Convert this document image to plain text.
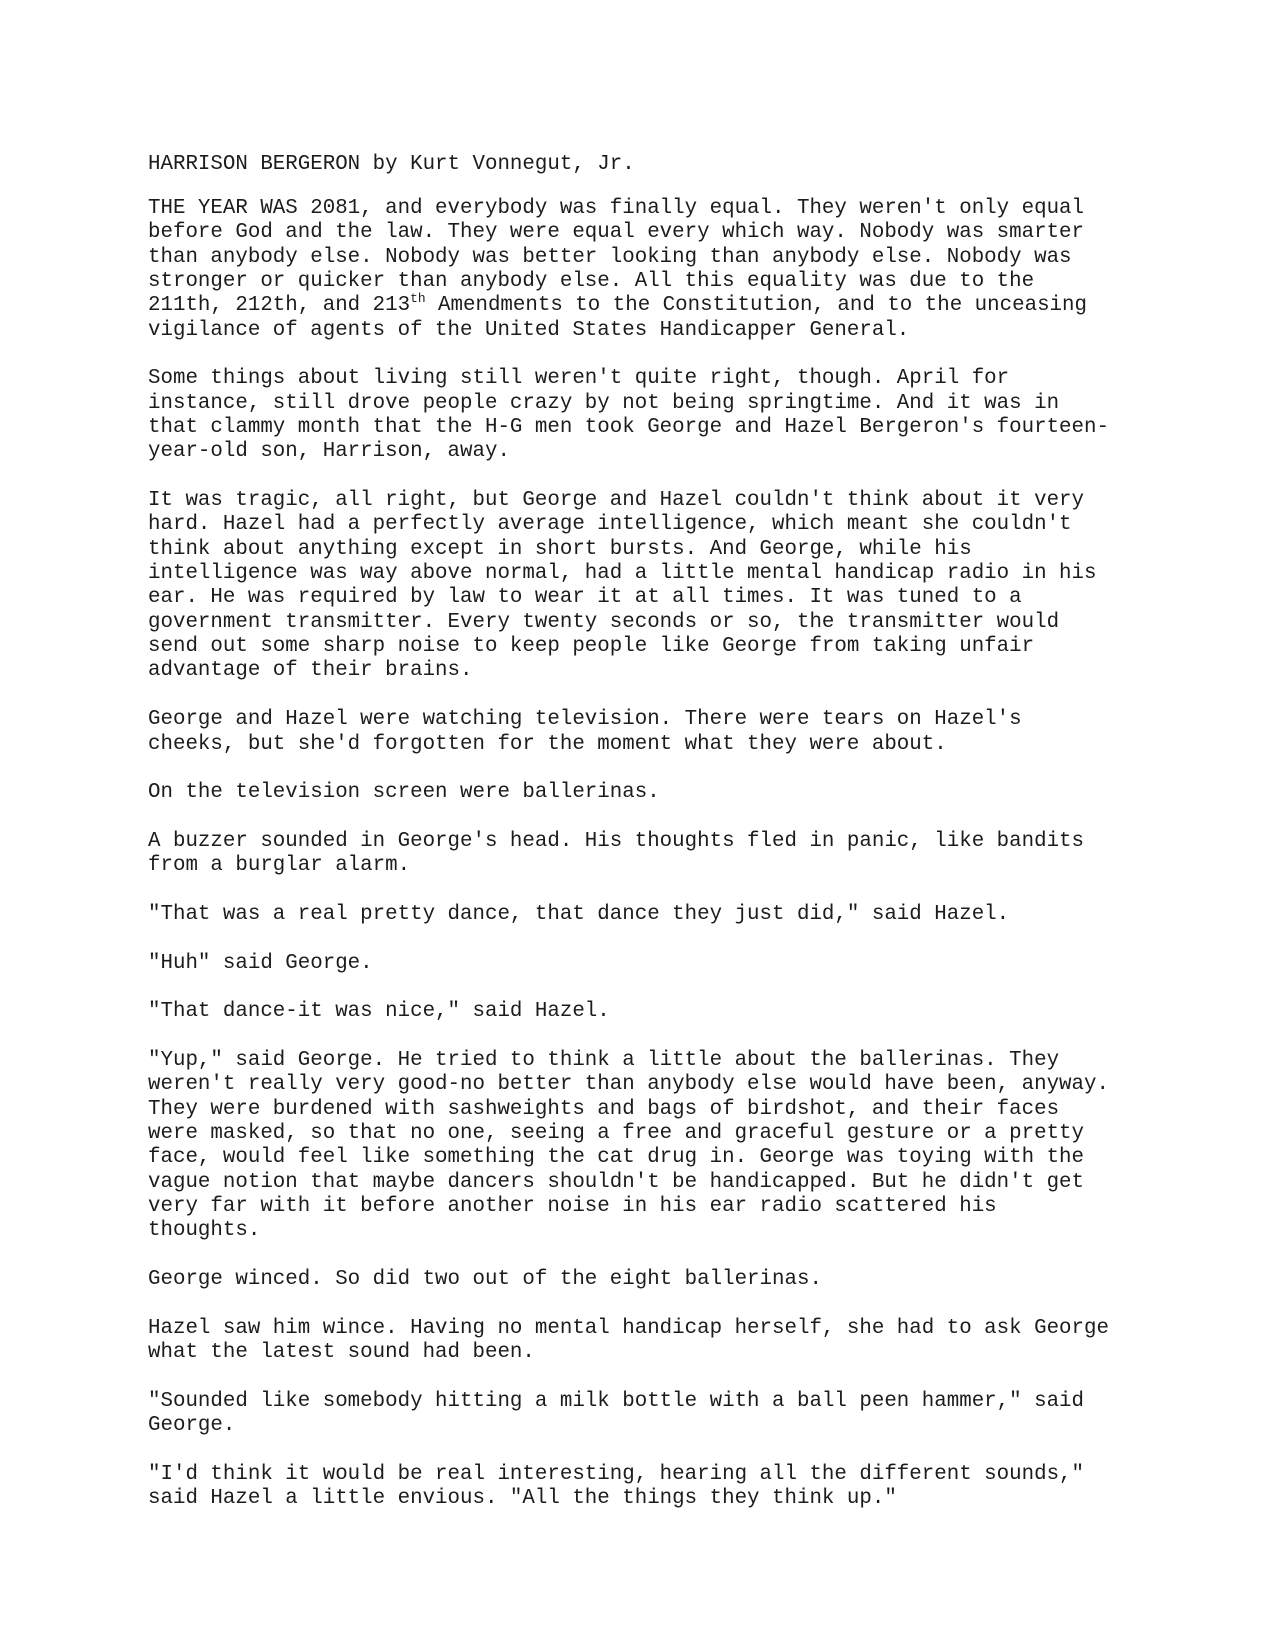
HARRISON BERGERON by Kurt Vonnegut, Jr.

THE YEAR WAS 2081, and everybody was finally equal. They weren't only equal
before God and the law. They were equal every which way. Nobody was smarter
than anybody else. Nobody was better looking than anybody else. Nobody was
stronger or quicker than anybody else. All this equality was due to the
211th, 212th, and 213th Amendments to the Constitution, and to the unceasing
vigilance of agents of the United States Handicapper General.

Some things about living still weren't quite right, though. April for
instance, still drove people crazy by not being springtime. And it was in
that clammy month that the H-G men took George and Hazel Bergeron's fourteen-
year-old son, Harrison, away.

It was tragic, all right, but George and Hazel couldn't think about it very
hard. Hazel had a perfectly average intelligence, which meant she couldn't
think about anything except in short bursts. And George, while his
intelligence was way above normal, had a little mental handicap radio in his
ear. He was required by law to wear it at all times. It was tuned to a
government transmitter. Every twenty seconds or so, the transmitter would
send out some sharp noise to keep people like George from taking unfair
advantage of their brains.

George and Hazel were watching television. There were tears on Hazel's
cheeks, but she'd forgotten for the moment what they were about.

On the television screen were ballerinas.

A buzzer sounded in George's head. His thoughts fled in panic, like bandits
from a burglar alarm.

"That was a real pretty dance, that dance they just did," said Hazel.

"Huh" said George.

"That dance-it was nice," said Hazel.

"Yup," said George. He tried to think a little about the ballerinas. They
weren't really very good-no better than anybody else would have been, anyway.
They were burdened with sashweights and bags of birdshot, and their faces
were masked, so that no one, seeing a free and graceful gesture or a pretty
face, would feel like something the cat drug in. George was toying with the
vague notion that maybe dancers shouldn't be handicapped. But he didn't get
very far with it before another noise in his ear radio scattered his
thoughts.

George winced. So did two out of the eight ballerinas.

Hazel saw him wince. Having no mental handicap herself, she had to ask George
what the latest sound had been.

"Sounded like somebody hitting a milk bottle with a ball peen hammer," said
George.

"I'd think it would be real interesting, hearing all the different sounds,"
said Hazel a little envious. "All the things they think up."
